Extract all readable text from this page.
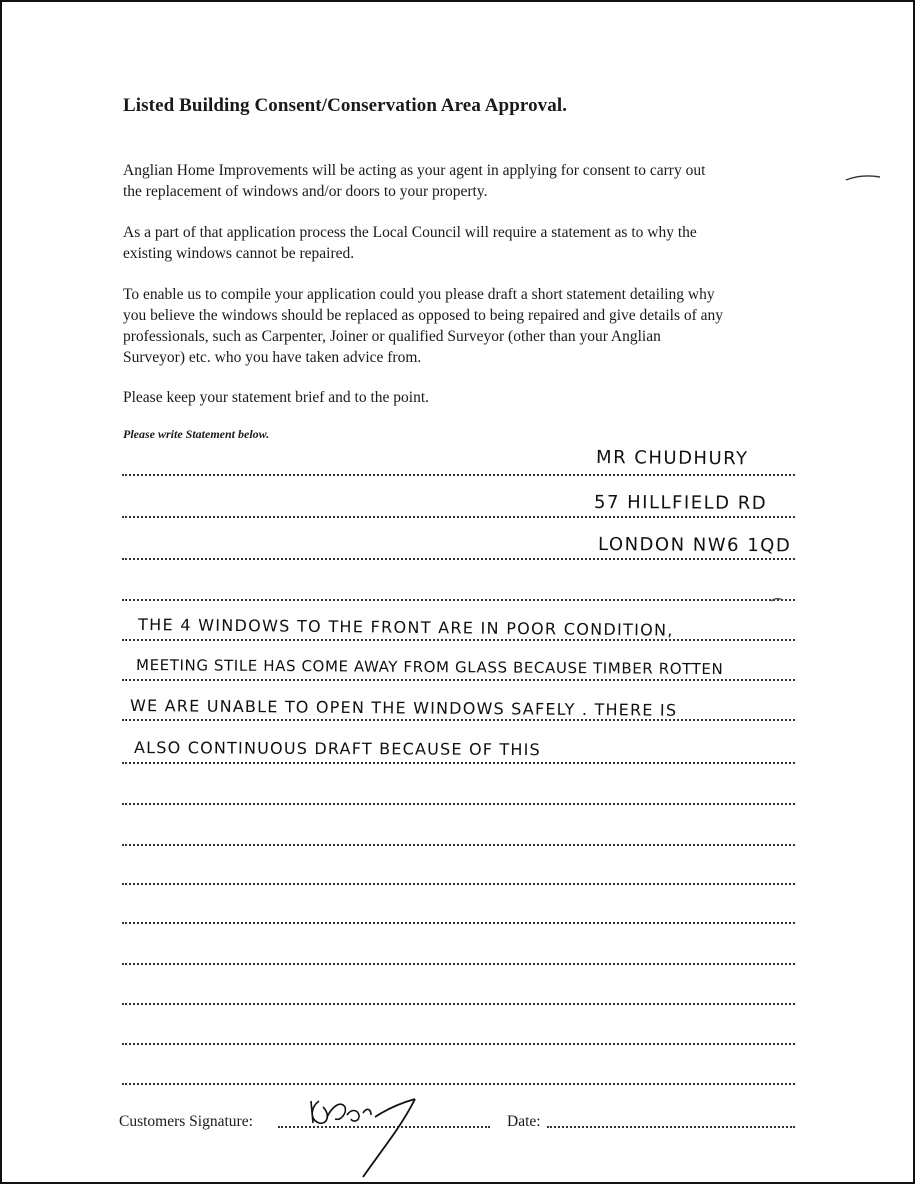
Listed Building Consent/Conservation Area Approval.

Anglian Home Improvements will be acting as your agent in applying for consent to carry out
the replacement of windows and/or doors to your property.

As a part of that application process the Local Council will require a statement as to why the
existing windows cannot be repaired.

To enable us to compile your application could you please draft a short statement detailing why
you believe the windows should be replaced as opposed to being repaired and give details of any
professionals, such as Carpenter, Joiner or qualified Surveyor (other than your Anglian
Surveyor) etc. who you have taken advice from.

Please keep your statement brief and to the point.

Please write Statement below.
MR CHUDHURY
57 HILLFIELD RD
LONDON NW6 1QD
THE 4 WINDOWS TO THE FRONT ARE IN POOR CONDITION,
MEETING STILE HAS COME AWAY FROM GLASS BECAUSE TIMBER ROTTEN
WE ARE UNABLE TO OPEN THE WINDOWS SAFELY . THERE IS
ALSO CONTINUOUS DRAFT BECAUSE OF THIS
Customers Signature:	Date:
